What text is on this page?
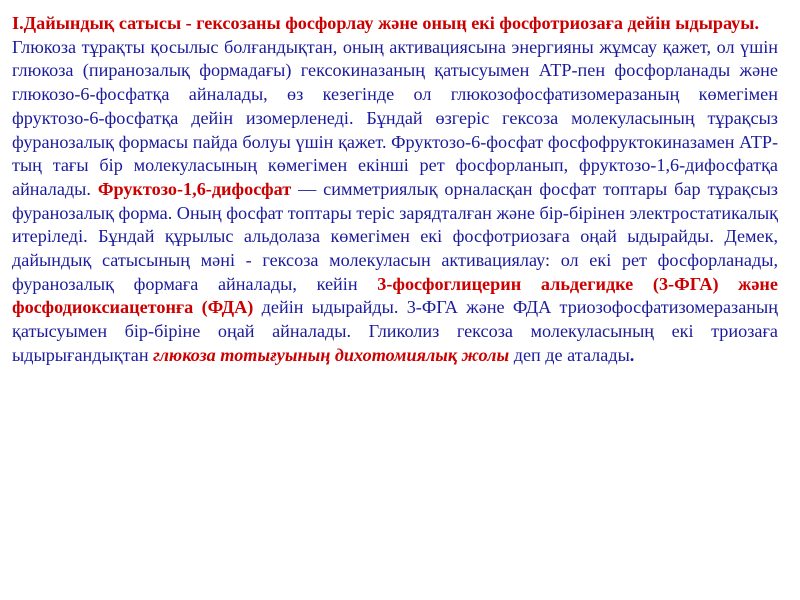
I.Дайындық сатысы - гексозаны фосфорлау және оның екі фосфотриозаға дейін ыдырауы.

Глюкоза тұрақты қосылыс болғандықтан, оның активациясына энергияны жұмсау қажет, ол үшін глюкоза (пиранозалық формадағы) гексокиназаның қатысуымен АТР-пен фосфорланады және глюкозо-6-фосфатқа айналады, өз кезегінде ол глюкозофосфатизомеразаның көмегімен фруктозо-6-фосфатқа дейін изомерленеді. Бұндай өзгеріс гексоза молекуласының тұрақсыз фуранозалық формасы пайда болуы үшін қажет. Фруктозо-6-фосфат фосфофруктокиназамен АТР-тың тағы бір молекуласының көмегімен екінші рет фосфорланып, фруктозо-1,6-дифосфатқа айналады. Фруктозо-1,6-дифосфат — симметриялық орналасқан фосфат топтары бар тұрақсыз фуранозалық форма. Оның фосфат топтары теріс зарядталған және бір-бірінен электростатикалық итеріледі. Бұндай құрылыс альдолаза көмегімен екі фосфотриозаға оңай ыдырайды. Демек, дайындық сатысының мәні - гексоза молекуласын активациялау: ол екі рет фосфорланады, фуранозалық формаға айналады, кейін 3-фосфоглицерин альдегидке (3-ФГА) және фосфодиоксиацетонға (ФДА) дейін ыдырайды. 3-ФГА және ФДА триозофосфатизомеразаның қатысуымен бір-біріне оңай айналады. Гликолиз гексоза молекуласының екі триозаға ыдырығандықтан глюкоза тотығуының дихотомиялық жолы деп де аталады.
